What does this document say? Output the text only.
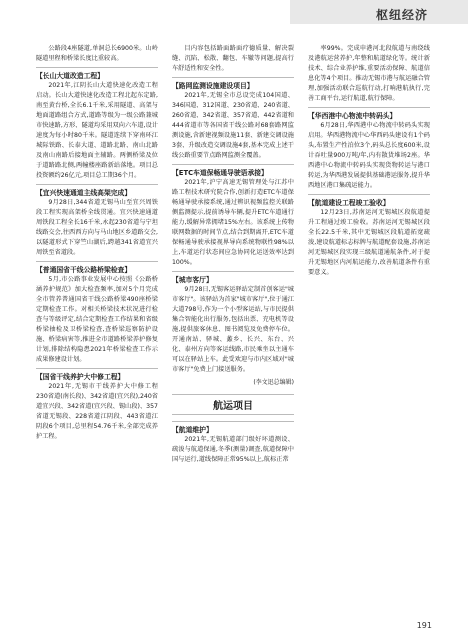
枢纽经济

公路段4座隧道,单洞总长6900米。山岭隧道里程和桥梁长度比重较高。

【长山大道改造工程】

2021年,江阴长山大道快速化改造工程启动。长山大道快速化改造工程北起东定路,南至黄台桥,全长6.1千米,采用隧道、高架与地面道路组合方式,道路等级为一级公路兼城市快速路,方形、隧道均采用双向六车道,设计速度为每小时80千米。隧道连续下穿南环江城际铁路、长泰大道、道路北路、南山北路及南山南路后接地面主辅路。两侧桥梁及位于道路路北侧,两幢楼座路新站落地。项目总投资额约26亿元,项目总工期36个月。

【宜兴快速通道主线高架完成】

9月28日,344省道无锡马山至宜兴周铁段工程实现高架桥全线贯通。宜兴快速通道周铁段工程全长16千米,永起230省道与宁坦线路交会,往西西方向与马山地区乡道路交会,以隧道形式下穿竺山湖后,跨越341省道宜兴周铁至省道段。

【普通国省干线公路桥梁检查】

5月,市公路事业发展中心按照《公路桥涵养护规范》加大检查频率,加对5个月完成全市管养普通国省干线公路桥梁490座桥梁定期检查工作。对相关桥梁技术状况进行检查与等级评定,结合定期检查工作结果和省级桥梁抽检及卫桥梁检查,查桥梁巡察防护设施、桥梁病害等,推进全市道路桥梁养护修复计划,排除结构隐患2021年桥梁检查工作示成果修建设计划。

【国省干线养护大中修工程】

2021年,无锡市干线养护大中修工程230省道(南长段)、342省道(宜兴段),240省道宜兴段、342省道(宜兴段、锡山段)、357省道无锡段、228省道江阴段、443省道江阴段6个项目,总里程54.76千米,全部完成养护工程。

目内容包括路面路面疗德质量、解决裂缝、沉陷、松散、翻包、车辙等问题,提高行车舒适性和安全性。

【路网监测设施建设项目】

2021年,无锡全市总设完成104国道、346国道、312国道、230省道、240省道、260省道、342省道、357省道、442省道和444省道市等各国省干线公路对68套路网监测设施,含新建视频设施11套、新建交调设施3套、升级改造交调设施4套,基本完成上述干线公路重要节点路网监测全覆盖。

【ETC车道保畅通导驶语承接】

2021年,沪宁高速无锡管理处与江苏中路工程技术研究院合作,创新打造ETC车道保畅通导驶承接系统,通过辨识视频监控关联路侧监测提示,提前诱导车辆,提升ETC车道通行能力,缓解异常拥堵15%左右。该系统上传物联网数据的时间节点,结合到期离开,ETC车道保畅通导驶承接视界导向系统物联性98%以上,车道运行状态间应急协同化运送效率达到100%。

【城市客厅】

9月28日,无锡客运驿站定制首创客运"城市客厅"。该驿站为首家"城市客厅",位于通江大道798号,作为一个小型客运站,与市民提供集合智能化出行服务,包括出票、充电机等设施,提供旅客休息、图书阅览及免费停车位。开通南站、驿城、蠡乡、长兴、东台、兴化、泰州方向等客运线路,市民乘坐以主通车可以在驿站上车。此受欢迎与市内区域对"城市客厅"免费上门接送服务。

(李文迅总编辑)

航运项目

【航道维护】

2021年,无锡航道部门级好坏道测设、疏浚与航道保通,冬季(测量)调查,航道保障中国与运行,道线保障正常95%以上,航标正常

率99%。完成申港河北段航道与南绕线及港航运营养护,年整和航道绿化等。统计新技术、综合业养护维,重要活动保障、航道信息化等4个项目。推动无锡市港与航运融合管理,加强活动联合巡航行动,打响港航执行,完善工商平台,运行航道,航行保障。

【华西港中心物流中转码头】

6月28日,华西港中心物流中转码头实现启用。华西港物流中心华西码头建设有1个码头,布置生产性泊位3个,码头总长度600米,设计吞吐量900万吨/年,内有散货堆场2座。华西港中心物流中转码头实现货物转运与港口转运,为华西港发展提供基础港运服务,提升华西地区港口集疏运能力。

【航道建设工程竣工验收】

12月23日,苏南运河无锡城区段航道提升工程通过竣工验收。苏南运河无锡城区段全长22.5千米,其中无锡城区段航道拓宽疏浚,建设航道标志标牌与航道配套设施,苏南运河无锡城区段实现三级航道通航条件,对于提升无锡地区内河航运能力,改善航道条件有重要意义。

191
